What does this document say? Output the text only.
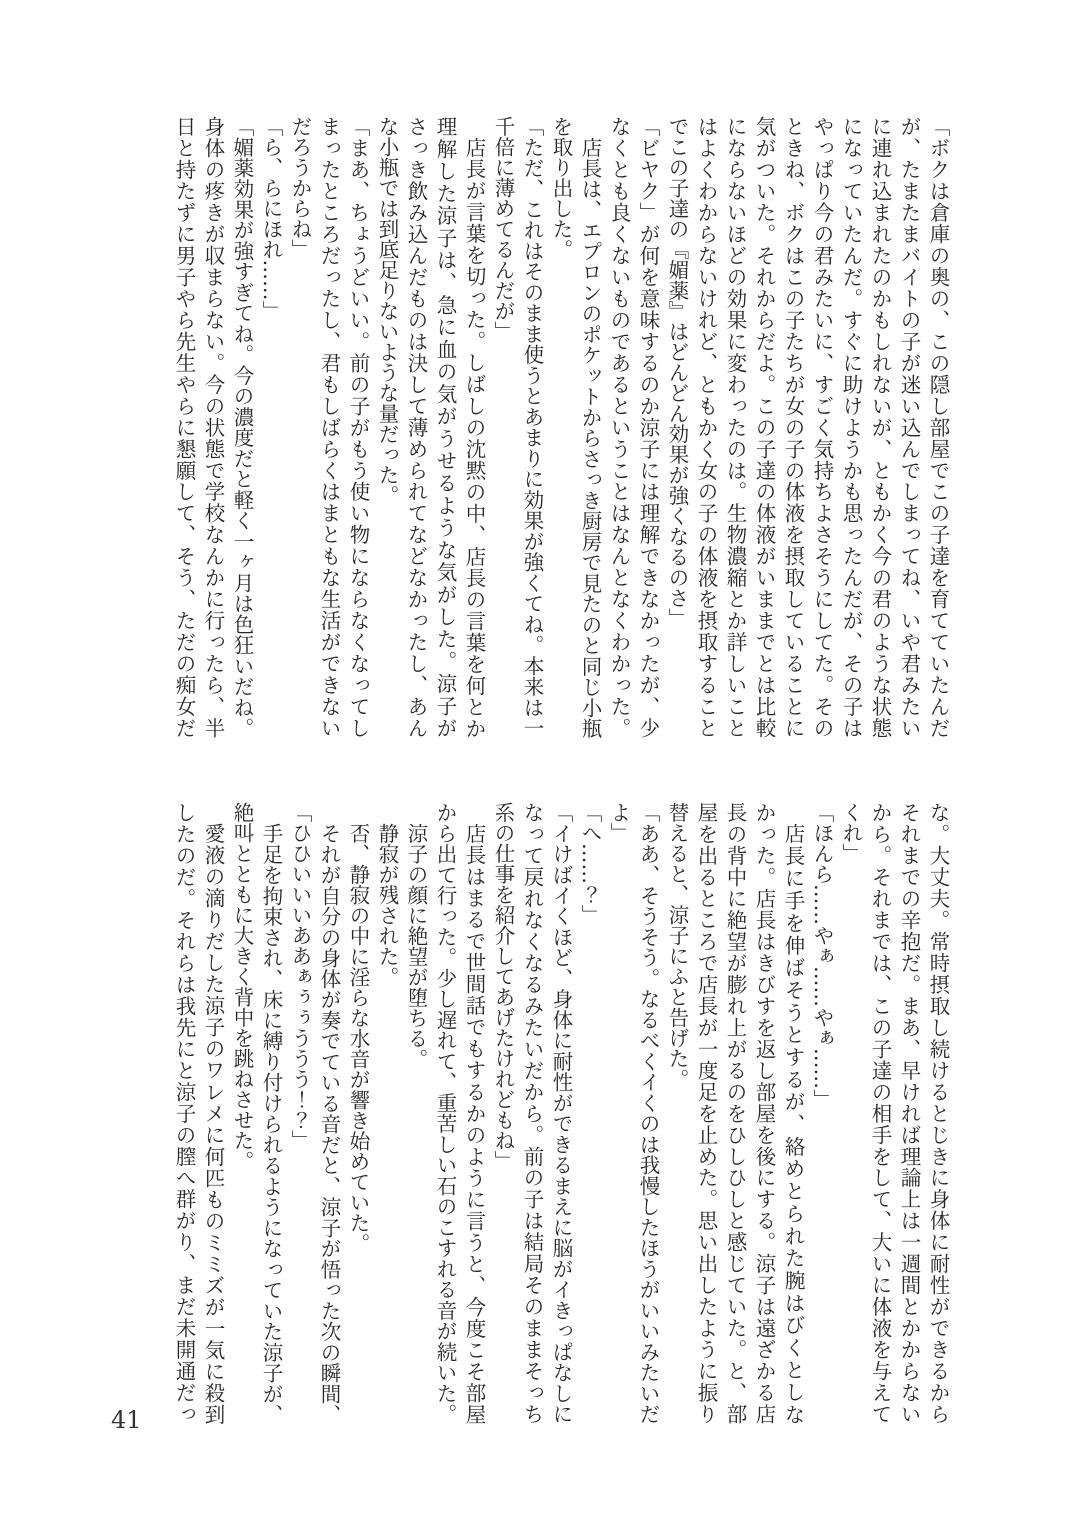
「ボクは倉庫の奥の、この隠し部屋でこの子達を育てていたんだ
が、たまたまバイトの子が迷い込んでしまってね、いや君みたい
に連れ込まれたのかもしれないが、ともかく今の君のような状態
になっていたんだ。すぐに助けようかも思ったんだが、その子は
やっぱり今の君みたいに、すごく気持ちよさそうにしてた。その
ときね、ボクはこの子たちが女の子の体液を摂取していることに
気がついた。それからだよ。この子達の体液がいままでとは比較
にならないほどの効果に変わったのは。生物濃縮とか詳しいこと
はよくわからないけれど、ともかく女の子の体液を摂取すること
でこの子達の『媚薬』はどんどん効果が強くなるのさ」
「ビヤク」が何を意味するのか涼子には理解できなかったが、少
なくとも良くないものであるということはなんとなくわかった。
店長は、エプロンのポケットからさっき厨房で見たのと同じ小瓶
を取り出した。
「ただ、これはそのまま使うとあまりに効果が強くてね。本来は一
千倍に薄めてるんだが」
店長が言葉を切った。しばしの沈黙の中、店長の言葉を何とか
理解した涼子は、急に血の気がうせるような気がした。涼子が
さっき飲み込んだものは決して薄められてなどなかったし、あん
な小瓶では到底足りないような量だった。
「まあ、ちょうどいい。前の子がもう使い物にならなくなってし
まったところだったし、君もしばらくはまともな生活ができない
だろうからね」
「ら、らにほれ……」
「媚薬効果が強すぎてね。今の濃度だと軽く一ヶ月は色狂いだね。
身体の疼きが収まらない。今の状態で学校なんかに行ったら、半
日と持たずに男子やら先生やらに懇願して、そう、ただの痴女だ
な。大丈夫。常時摂取し続けるとじきに身体に耐性ができるから
それまでの辛抱だ。まあ、早ければ理論上は一週間とかからない
から。それまでは、この子達の相手をして、大いに体液を与えて
くれ」
「ほんら……やぁ……やぁ……」
店長に手を伸ばそうとするが、絡めとられた腕はびくとしな
かった。店長はきびすを返し部屋を後にする。涼子は遠ざかる店
長の背中に絶望が膨れ上がるのをひしひしと感じていた。と、部
屋を出るところで店長が一度足を止めた。思い出したように振り
替えると、涼子にふと告げた。
「ああ、そうそう。なるべくイくのは我慢したほうがいいみたいだ
よ」
「へ……？」
「イけばイくほど、身体に耐性ができるまえに脳がイきっぱなしに
なって戻れなくなるみたいだから。前の子は結局そのままそっち
系の仕事を紹介してあげたけれどもね」
店長はまるで世間話でもするかのように言うと、今度こそ部屋
から出て行った。少し遅れて、重苦しい石のこすれる音が続いた。
涼子の顔に絶望が堕ちる。
静寂が残された。
否、静寂の中に淫らな水音が響き始めていた。
それが自分の身体が奏でている音だと、涼子が悟った次の瞬間、
「ひひいいいああぁぅぅううう！？」
手足を拘束され、床に縛り付けられるようになっていた涼子が、
絶叫とともに大きく背中を跳ねさせた。
愛液の滴りだした涼子のワレメに何匹ものミミズが一気に殺到
したのだ。それらは我先にと涼子の膣へ群がり、まだ未開通だっ
41
